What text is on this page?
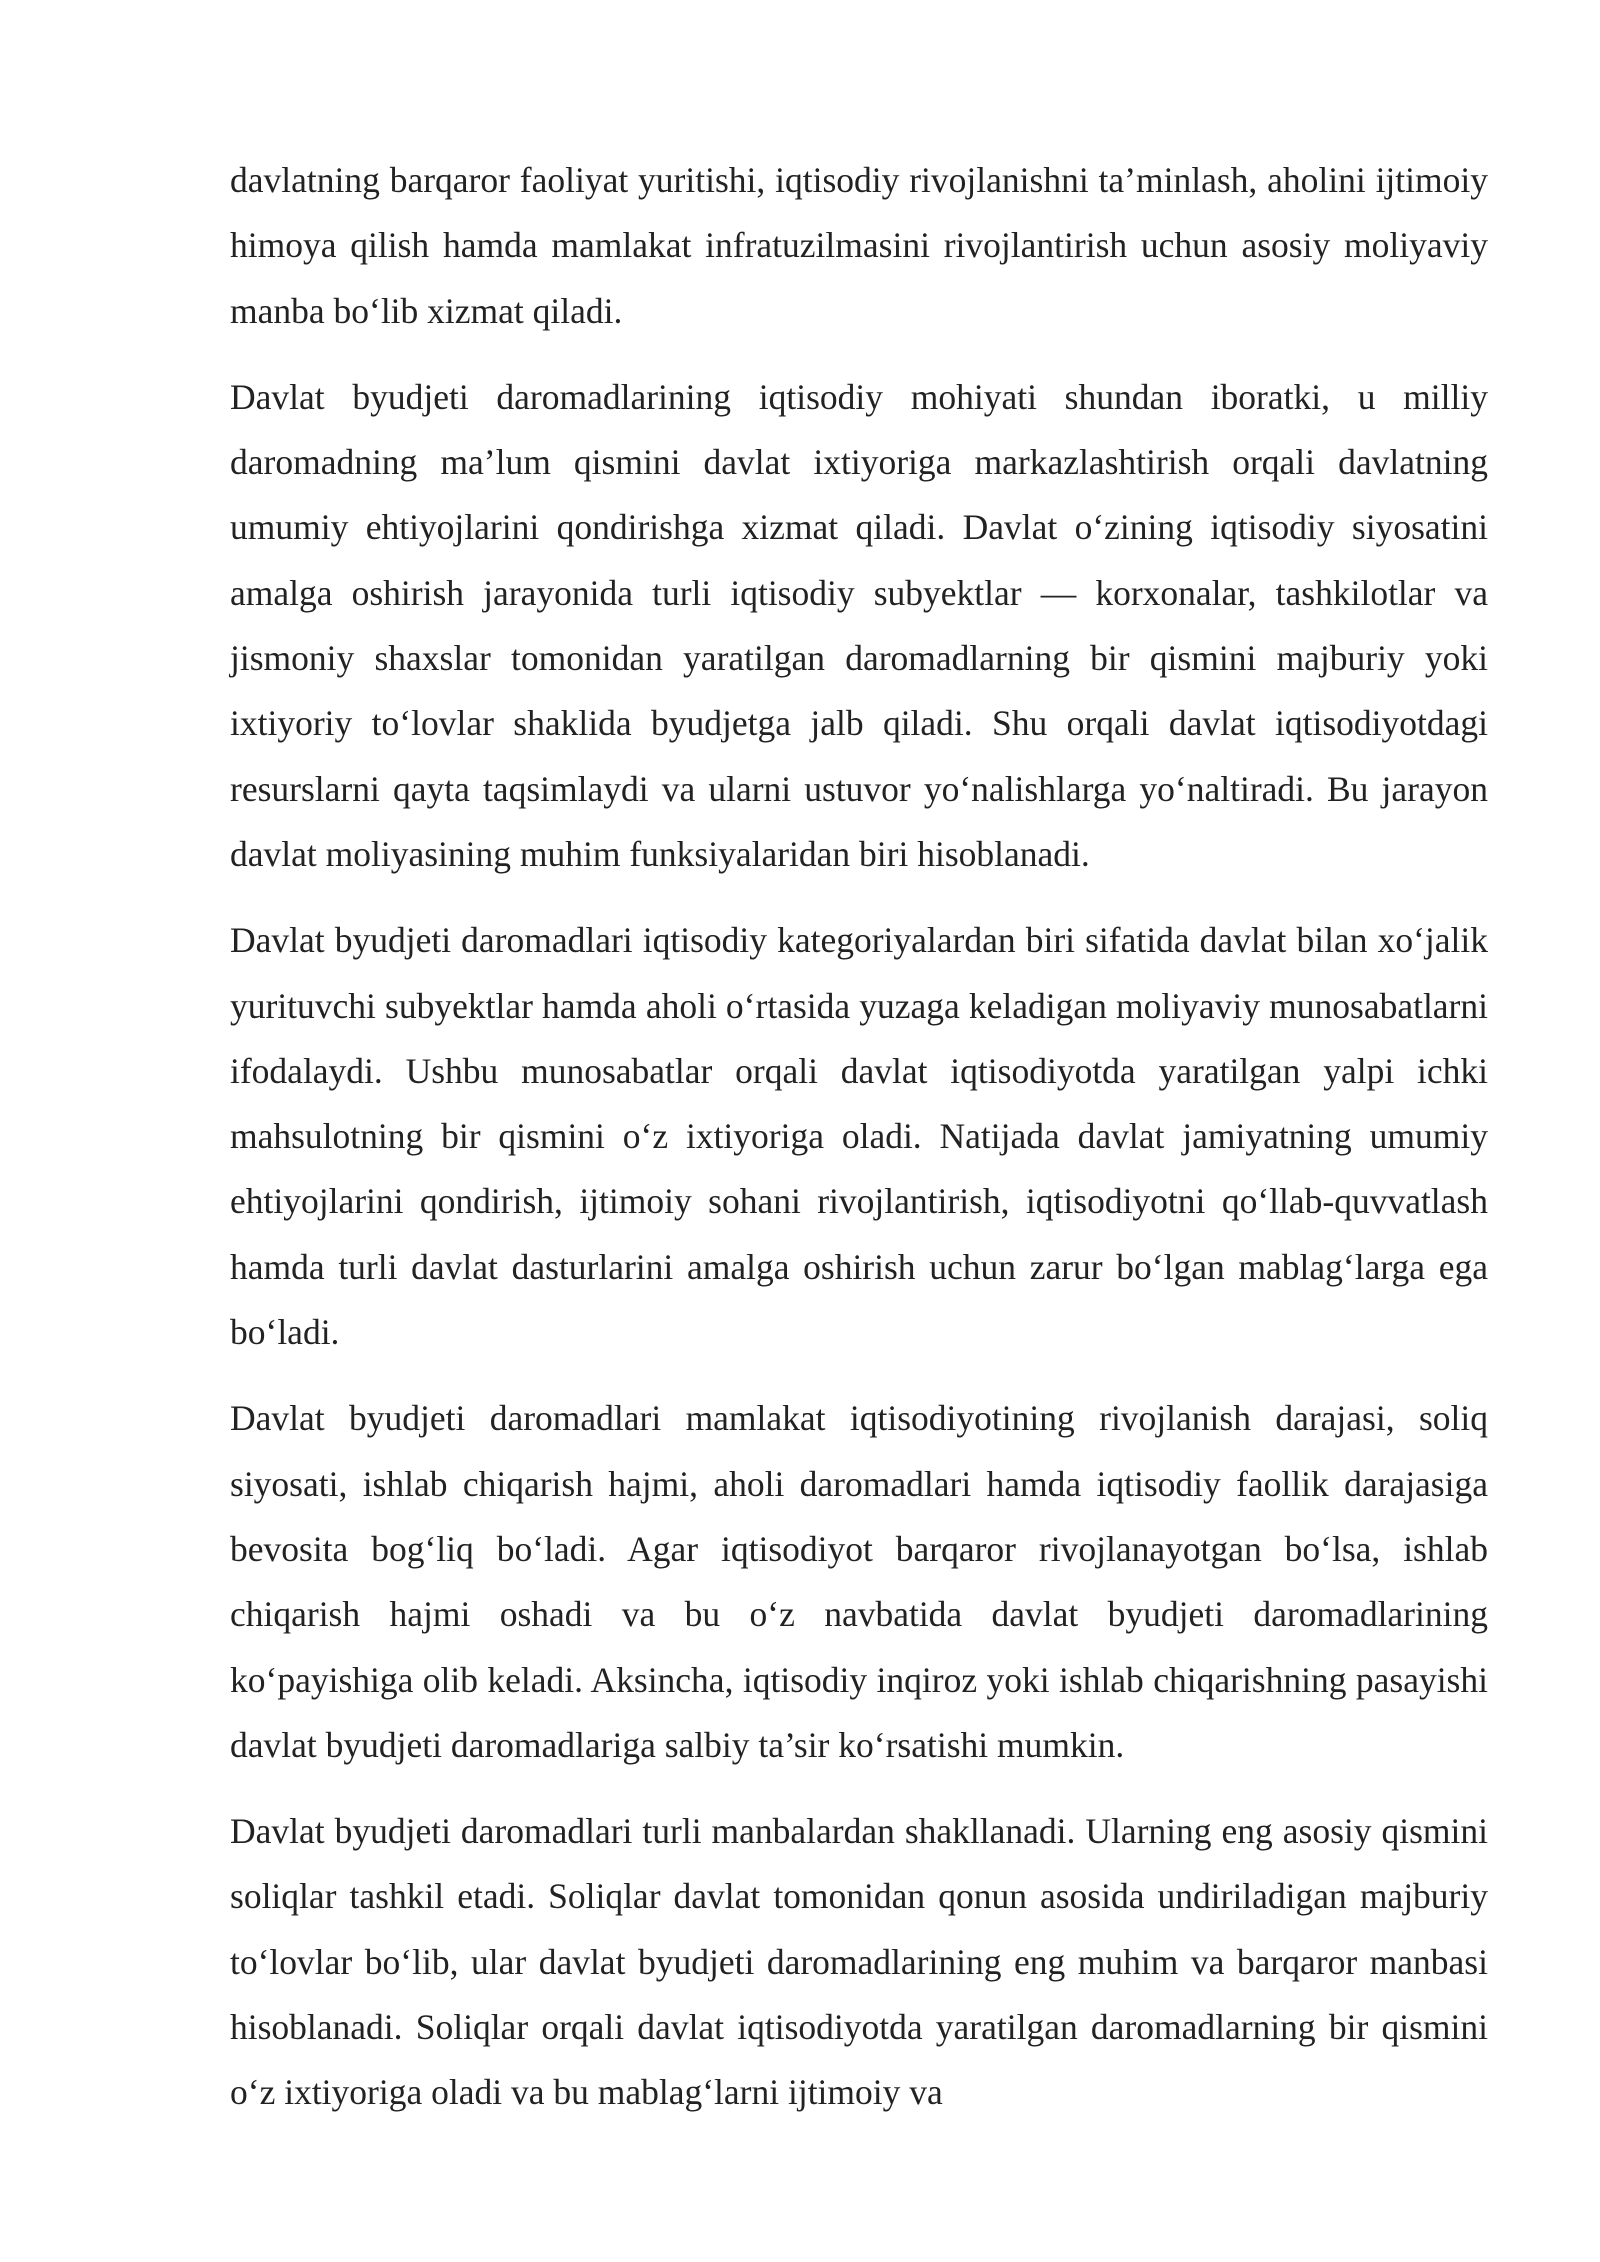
davlatning barqaror faoliyat yuritishi, iqtisodiy rivojlanishni ta’minlash, aholini ijtimoiy himoya qilish hamda mamlakat infratuzilmasini rivojlantirish uchun asosiy moliyaviy manba bo‘lib xizmat qiladi.

Davlat byudjeti daromadlarining iqtisodiy mohiyati shundan iboratki, u milliy daromadning ma’lum qismini davlat ixtiyoriga markazlashtirish orqali davlatning umumiy ehtiyojlarini qondirishga xizmat qiladi. Davlat o‘zining iqtisodiy siyosatini amalga oshirish jarayonida turli iqtisodiy subyektlar — korxonalar, tashkilotlar va jismoniy shaxslar tomonidan yaratilgan daromadlarning bir qismini majburiy yoki ixtiyoriy to‘lovlar shaklida byudjetga jalb qiladi. Shu orqali davlat iqtisodiyotdagi resurslarni qayta taqsimlaydi va ularni ustuvor yo‘nalishlarga yo‘naltiradi. Bu jarayon davlat moliyasining muhim funksiyalaridan biri hisoblanadi.

Davlat byudjeti daromadlari iqtisodiy kategoriyalardan biri sifatida davlat bilan xo‘jalik yurituvchi subyektlar hamda aholi o‘rtasida yuzaga keladigan moliyaviy munosabatlarni ifodalaydi. Ushbu munosabatlar orqali davlat iqtisodiyotda yaratilgan yalpi ichki mahsulotning bir qismini o‘z ixtiyoriga oladi. Natijada davlat jamiyatning umumiy ehtiyojlarini qondirish, ijtimoiy sohani rivojlantirish, iqtisodiyotni qo‘llab-quvvatlash hamda turli davlat dasturlarini amalga oshirish uchun zarur bo‘lgan mablag‘larga ega bo‘ladi.

Davlat byudjeti daromadlari mamlakat iqtisodiyotining rivojlanish darajasi, soliq siyosati, ishlab chiqarish hajmi, aholi daromadlari hamda iqtisodiy faollik darajasiga bevosita bog‘liq bo‘ladi. Agar iqtisodiyot barqaror rivojlanayotgan bo‘lsa, ishlab chiqarish hajmi oshadi va bu o‘z navbatida davlat byudjeti daromadlarining ko‘payishiga olib keladi. Aksincha, iqtisodiy inqiroz yoki ishlab chiqarishning pasayishi davlat byudjeti daromadlariga salbiy ta’sir ko‘rsatishi mumkin.

Davlat byudjeti daromadlari turli manbalardan shakllanadi. Ularning eng asosiy qismini soliqlar tashkil etadi. Soliqlar davlat tomonidan qonun asosida undiriladigan majburiy to‘lovlar bo‘lib, ular davlat byudjeti daromadlarining eng muhim va barqaror manbasi hisoblanadi. Soliqlar orqali davlat iqtisodiyotda yaratilgan daromadlarning bir qismini o‘z ixtiyoriga oladi va bu mablag‘larni ijtimoiy va
